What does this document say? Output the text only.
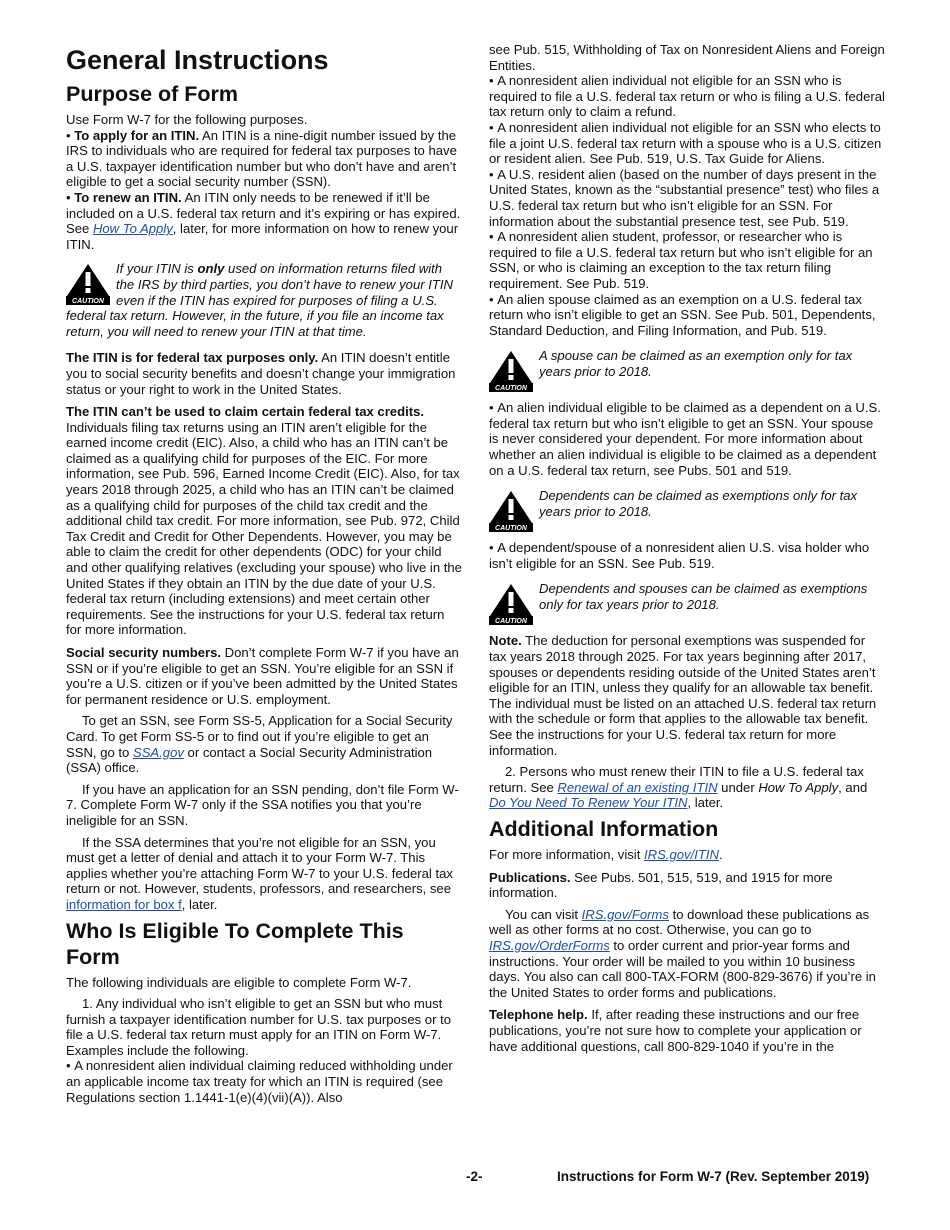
General Instructions
Purpose of Form

Use Form W-7 for the following purposes.

• To apply for an ITIN. An ITIN is a nine-digit number issued by the IRS to individuals who are required for federal tax purposes to have a U.S. taxpayer identification number but who don’t have and aren’t eligible to get a social security number (SSN).

• To renew an ITIN. An ITIN only needs to be renewed if it’ll be included on a U.S. federal tax return and it’s expiring or has expired. See How To Apply, later, for more information on how to renew your ITIN.

CAUTION
If your ITIN is only used on information returns filed with the IRS by third parties, you don’t have to renew your ITIN even if the ITIN has expired for purposes of filing a U.S. federal tax return. However, in the future, if you file an income tax return, you will need to renew your ITIN at that time.

The ITIN is for federal tax purposes only. An ITIN doesn’t entitle you to social security benefits and doesn’t change your immigration status or your right to work in the United States.

The ITIN can’t be used to claim certain federal tax credits. Individuals filing tax returns using an ITIN aren’t eligible for the earned income credit (EIC). Also, a child who has an ITIN can’t be claimed as a qualifying child for purposes of the EIC. For more information, see Pub. 596, Earned Income Credit (EIC). Also, for tax years 2018 through 2025, a child who has an ITIN can’t be claimed as a qualifying child for purposes of the child tax credit and the additional child tax credit. For more information, see Pub. 972, Child Tax Credit and Credit for Other Dependents. However, you may be able to claim the credit for other dependents (ODC) for your child and other qualifying relatives (excluding your spouse) who live in the United States if they obtain an ITIN by the due date of your U.S. federal tax return (including extensions) and meet certain other requirements. See the instructions for your U.S. federal tax return for more information.

Social security numbers. Don’t complete Form W-7 if you have an SSN or if you’re eligible to get an SSN. You’re eligible for an SSN if you’re a U.S. citizen or if you’ve been admitted by the United States for permanent residence or U.S. employment.

To get an SSN, see Form SS-5, Application for a Social Security Card. To get Form SS-5 or to find out if you’re eligible to get an SSN, go to SSA.gov or contact a Social Security Administration (SSA) office.

If you have an application for an SSN pending, don’t file Form W-7. Complete Form W-7 only if the SSA notifies you that you’re ineligible for an SSN.

If the SSA determines that you’re not eligible for an SSN, you must get a letter of denial and attach it to your Form W-7. This applies whether you’re attaching Form W-7 to your U.S. federal tax return or not. However, students, professors, and researchers, see information for box f, later.

Who Is Eligible To Complete This Form

The following individuals are eligible to complete Form W-7.

1. Any individual who isn’t eligible to get an SSN but who must furnish a taxpayer identification number for U.S. tax purposes or to file a U.S. federal tax return must apply for an ITIN on Form W-7. Examples include the following.

• A nonresident alien individual claiming reduced withholding under an applicable income tax treaty for which an ITIN is required (see Regulations section 1.1441-1(e)(4)(vii)(A)). Also

see Pub. 515, Withholding of Tax on Nonresident Aliens and Foreign Entities.

• A nonresident alien individual not eligible for an SSN who is required to file a U.S. federal tax return or who is filing a U.S. federal tax return only to claim a refund.

• A nonresident alien individual not eligible for an SSN who elects to file a joint U.S. federal tax return with a spouse who is a U.S. citizen or resident alien. See Pub. 519, U.S. Tax Guide for Aliens.

• A U.S. resident alien (based on the number of days present in the United States, known as the “substantial presence” test) who files a U.S. federal tax return but who isn’t eligible for an SSN. For information about the substantial presence test, see Pub. 519.

• A nonresident alien student, professor, or researcher who is required to file a U.S. federal tax return but who isn’t eligible for an SSN, or who is claiming an exception to the tax return filing requirement. See Pub. 519.

• An alien spouse claimed as an exemption on a U.S. federal tax return who isn’t eligible to get an SSN. See Pub. 501, Dependents, Standard Deduction, and Filing Information, and Pub. 519.

CAUTION
A spouse can be claimed as an exemption only for tax years prior to 2018.

• An alien individual eligible to be claimed as a dependent on a U.S. federal tax return but who isn’t eligible to get an SSN. Your spouse is never considered your dependent. For more information about whether an alien individual is eligible to be claimed as a dependent on a U.S. federal tax return, see Pubs. 501 and 519.

CAUTION
Dependents can be claimed as exemptions only for tax years prior to 2018.

• A dependent/spouse of a nonresident alien U.S. visa holder who isn’t eligible for an SSN. See Pub. 519.

CAUTION
Dependents and spouses can be claimed as exemptions only for tax years prior to 2018.

Note. The deduction for personal exemptions was suspended for tax years 2018 through 2025. For tax years beginning after 2017, spouses or dependents residing outside of the United States aren’t eligible for an ITIN, unless they qualify for an allowable tax benefit. The individual must be listed on an attached U.S. federal tax return with the schedule or form that applies to the allowable tax benefit. See the instructions for your U.S. federal tax return for more information.

2. Persons who must renew their ITIN to file a U.S. federal tax return. See Renewal of an existing ITIN under How To Apply, and Do You Need To Renew Your ITIN, later.

Additional Information

For more information, visit IRS.gov/ITIN.

Publications. See Pubs. 501, 515, 519, and 1915 for more information.

You can visit IRS.gov/Forms to download these publications as well as other forms at no cost. Otherwise, you can go to IRS.gov/OrderForms to order current and prior-year forms and instructions. Your order will be mailed to you within 10 business days. You also can call 800-TAX-FORM (800-829-3676) if you’re in the United States to order forms and publications.

Telephone help. If, after reading these instructions and our free publications, you’re not sure how to complete your application or have additional questions, call 800-829-1040 if you’re in the

-2-	Instructions for Form W-7 (Rev. September 2019)
